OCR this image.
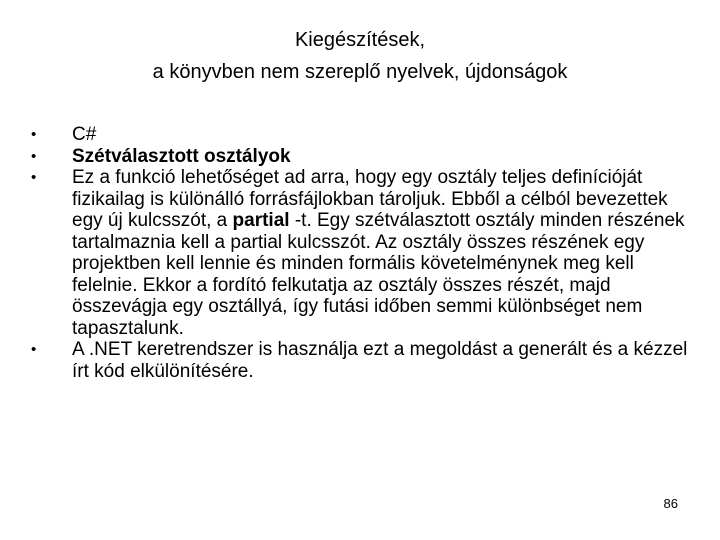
Kiegészítések,
a könyvben nem szereplő nyelvek, újdonságok
• C#
• Szétválasztott osztályok
• Ez a funkció lehetőséget ad arra, hogy egy osztály teljes definícióját fizikailag is különálló forrásfájlokban tároljuk. Ebből a célból bevezettek egy új kulcsszót, a partial -t. Egy szétválasztott osztály minden részének tartalmaznia kell a partial kulcsszót. Az osztály összes részének egy projektben kell lennie és minden formális követelménynek meg kell felelnie. Ekkor a fordító felkutatja az osztály összes részét, majd összevágja egy osztállyá, így futási időben semmi különbséget nem tapasztalunk.
• A .NET keretrendszer is használja ezt a megoldást a generált és a kézzel írt kód elkülönítésére.
86
